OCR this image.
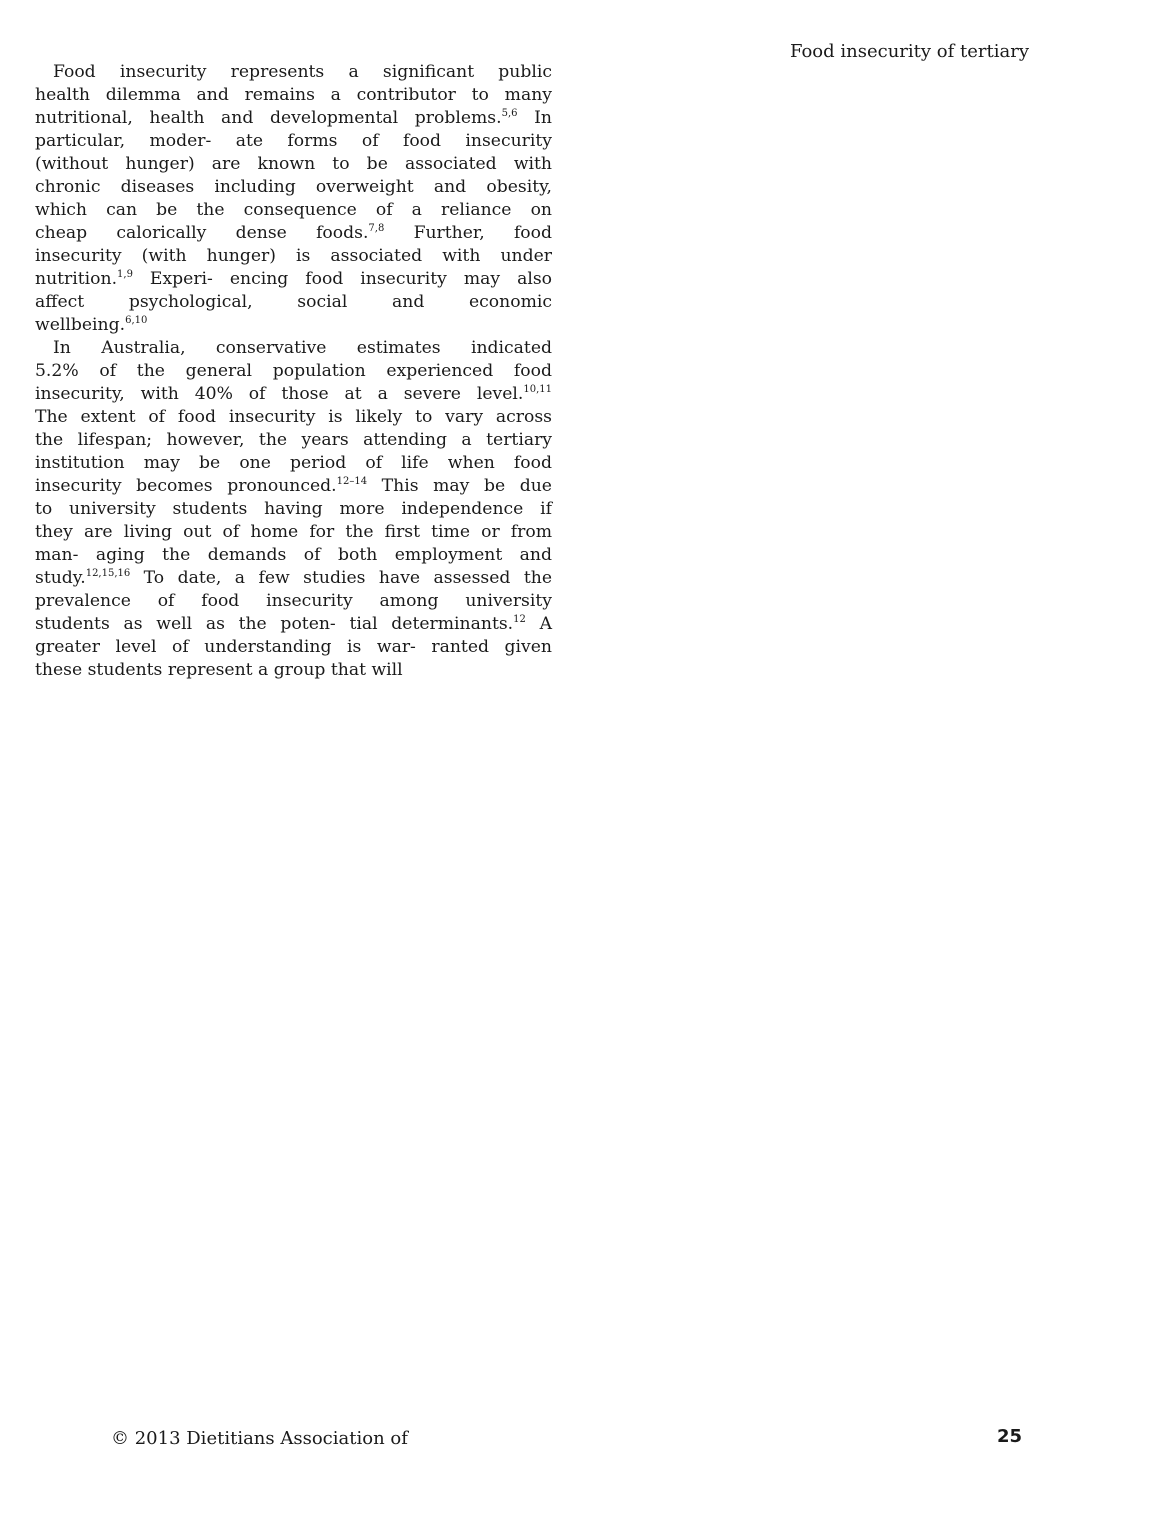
Food insecurity of tertiary

Food insecurity represents a significant public
health dilemma and remains a contributor to many
nutritional, health and developmental problems.$^{5,6}$ In
particular, moder- ate forms of food insecurity
(without hunger) are known to be associated with
chronic diseases including overweight and obesity,
which can be the consequence of a reliance on
cheap calorically dense foods.$^{7,8}$ Further, food
insecurity (with hunger) is associated with under
nutrition.$^{1,9}$ Experi- encing food insecurity may also
affect psychological, social and economic
wellbeing.$^{6,10}$

In Australia, conservative estimates indicated
5.2% of the general population experienced food
insecurity, with 40% of those at a severe level.$^{10,11}$
The extent of food insecurity is likely to vary across
the lifespan; however, the years attending a tertiary
institution may be one period of life when food
insecurity becomes pronounced.$^{12-14}$ This may be due
to university students having more independence if
they are living out of home for the first time or from
man- aging the demands of both employment and
study.$^{12,15,16}$ To date, a few studies have assessed the
prevalence of food insecurity among university
students as well as the poten- tial determinants.$^{12}$ A
greater level of understanding is war- ranted given
these students represent a group that will

© 2013 Dietitians Association of	25
